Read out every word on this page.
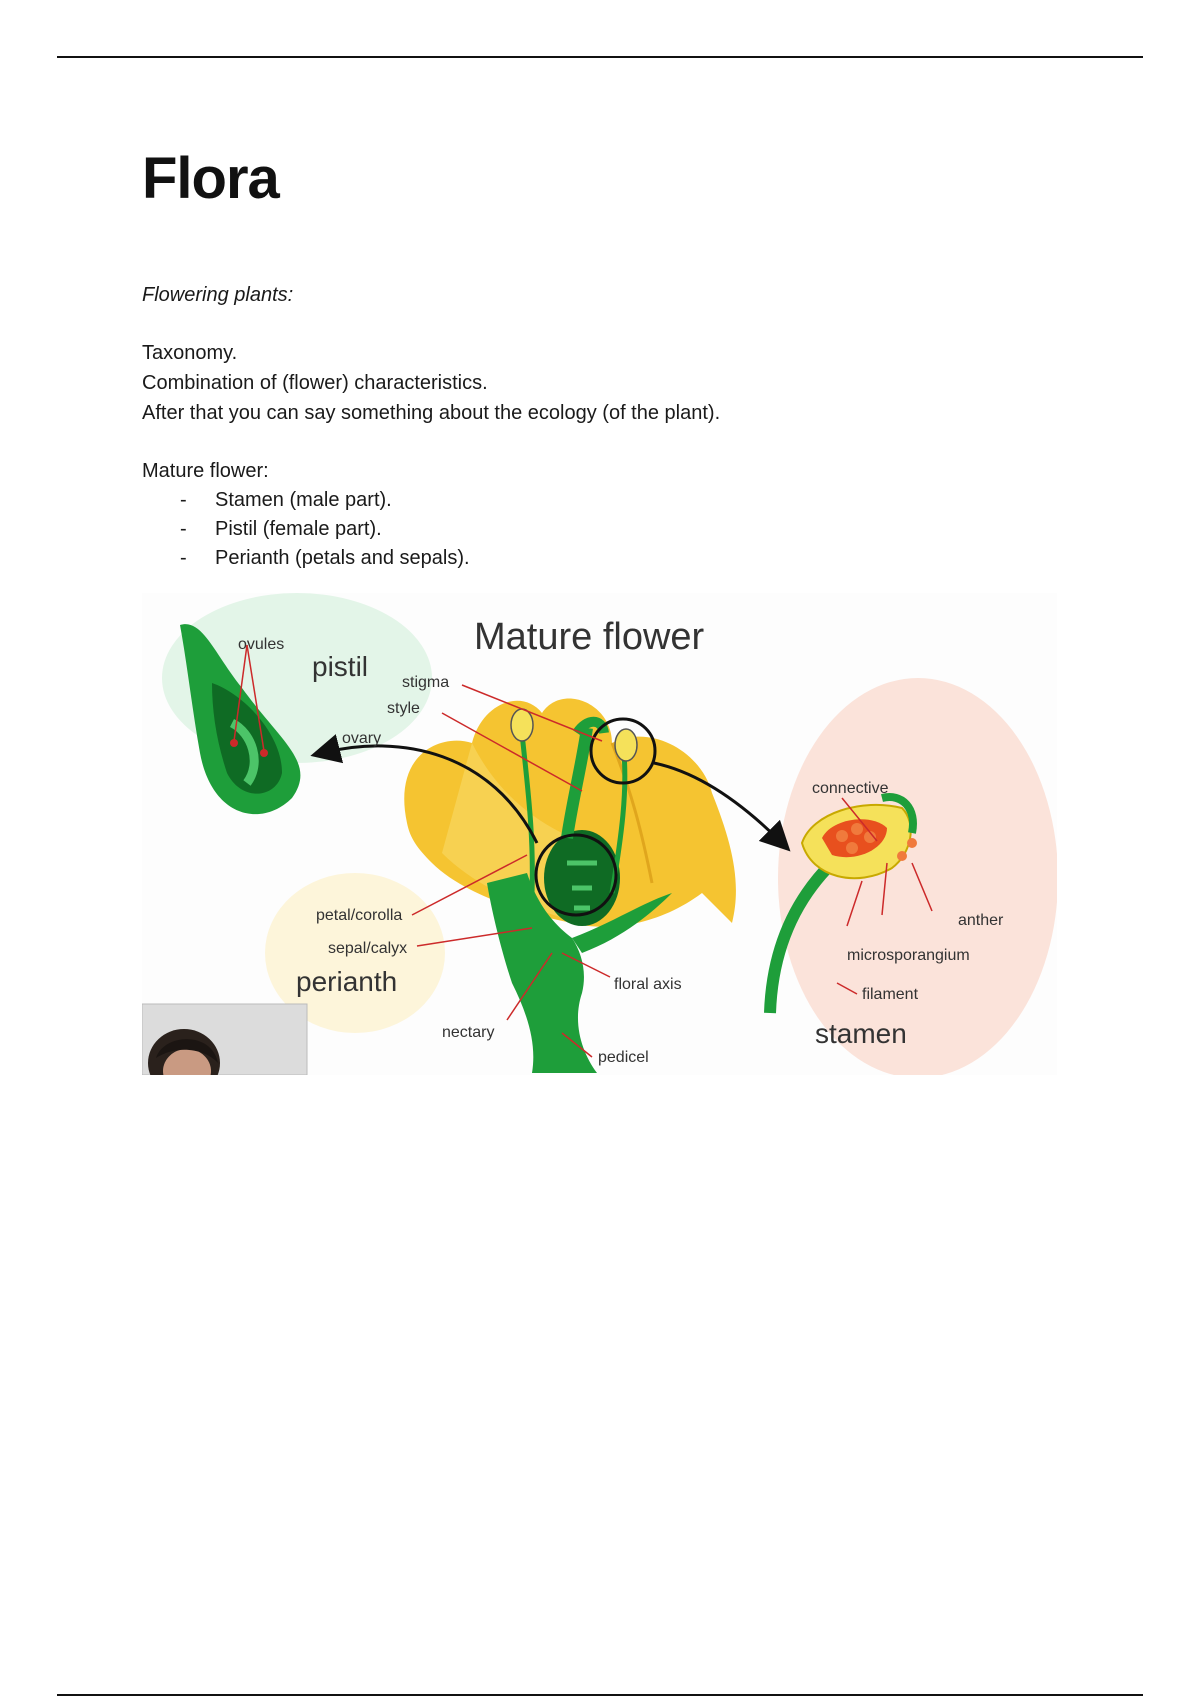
Flora
Flowering plants:
Taxonomy.
Combination of (flower) characteristics.
After that you can say something about the ecology (of the plant).
Mature flower:
- Stamen (male part).
- Pistil (female part).
- Perianth (petals and sepals).
Mature flower
ovules
pistil
stigma
style
ovary
connective
petal/corolla
sepal/calyx
perianth	floral axis
nectary
pedicel
anther
microsporangium
filament
stamen
